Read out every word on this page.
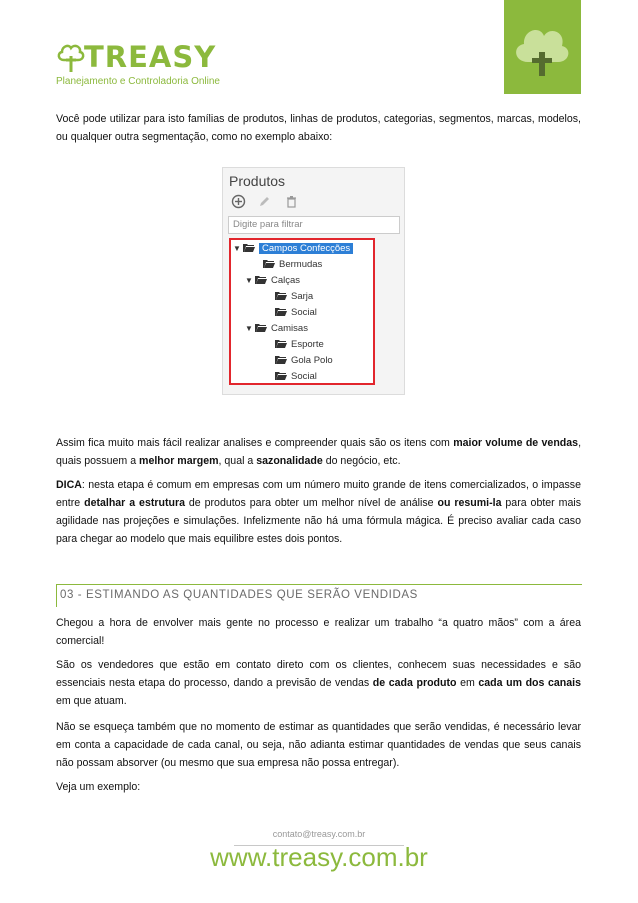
TREASY
Planejamento e Controladoria Online

Você pode utilizar para isto famílias de produtos, linhas de produtos, categorias, segmentos, marcas, modelos, ou qualquer outra segmentação, como no exemplo abaixo:

Produtos

Digite para filtrar
▼ Campos Confecções
Bermudas
▼ Calças
Sarja
Social
▼ Camisas
Esporte
Gola Polo
Social

Assim fica muito mais fácil realizar analises e compreender quais são os itens com maior volume de vendas, quais possuem a melhor margem, qual a sazonalidade do negócio, etc.

DICA: nesta etapa é comum em empresas com um número muito grande de itens comercializados, o impasse entre detalhar a estrutura de produtos para obter um melhor nível de análise ou resumi-la para obter mais agilidade nas projeções e simulações. Infelizmente não há uma fórmula mágica. É preciso avaliar cada caso para chegar ao modelo que mais equilibre estes dois pontos.

03 - ESTIMANDO AS QUANTIDADES QUE SERÃO VENDIDAS

Chegou a hora de envolver mais gente no processo e realizar um trabalho “a quatro mãos” com a área comercial!

São os vendedores que estão em contato direto com os clientes, conhecem suas necessidades e são essenciais nesta etapa do processo, dando a previsão de vendas de cada produto em cada um dos canais em que atuam.

Não se esqueça também que no momento de estimar as quantidades que serão vendidas, é necessário levar em conta a capacidade de cada canal, ou seja, não adianta estimar quantidades de vendas que seus canais não possam absorver (ou mesmo que sua empresa não possa entregar).

Veja um exemplo:

contato@treasy.com.br
www.treasy.com.br
